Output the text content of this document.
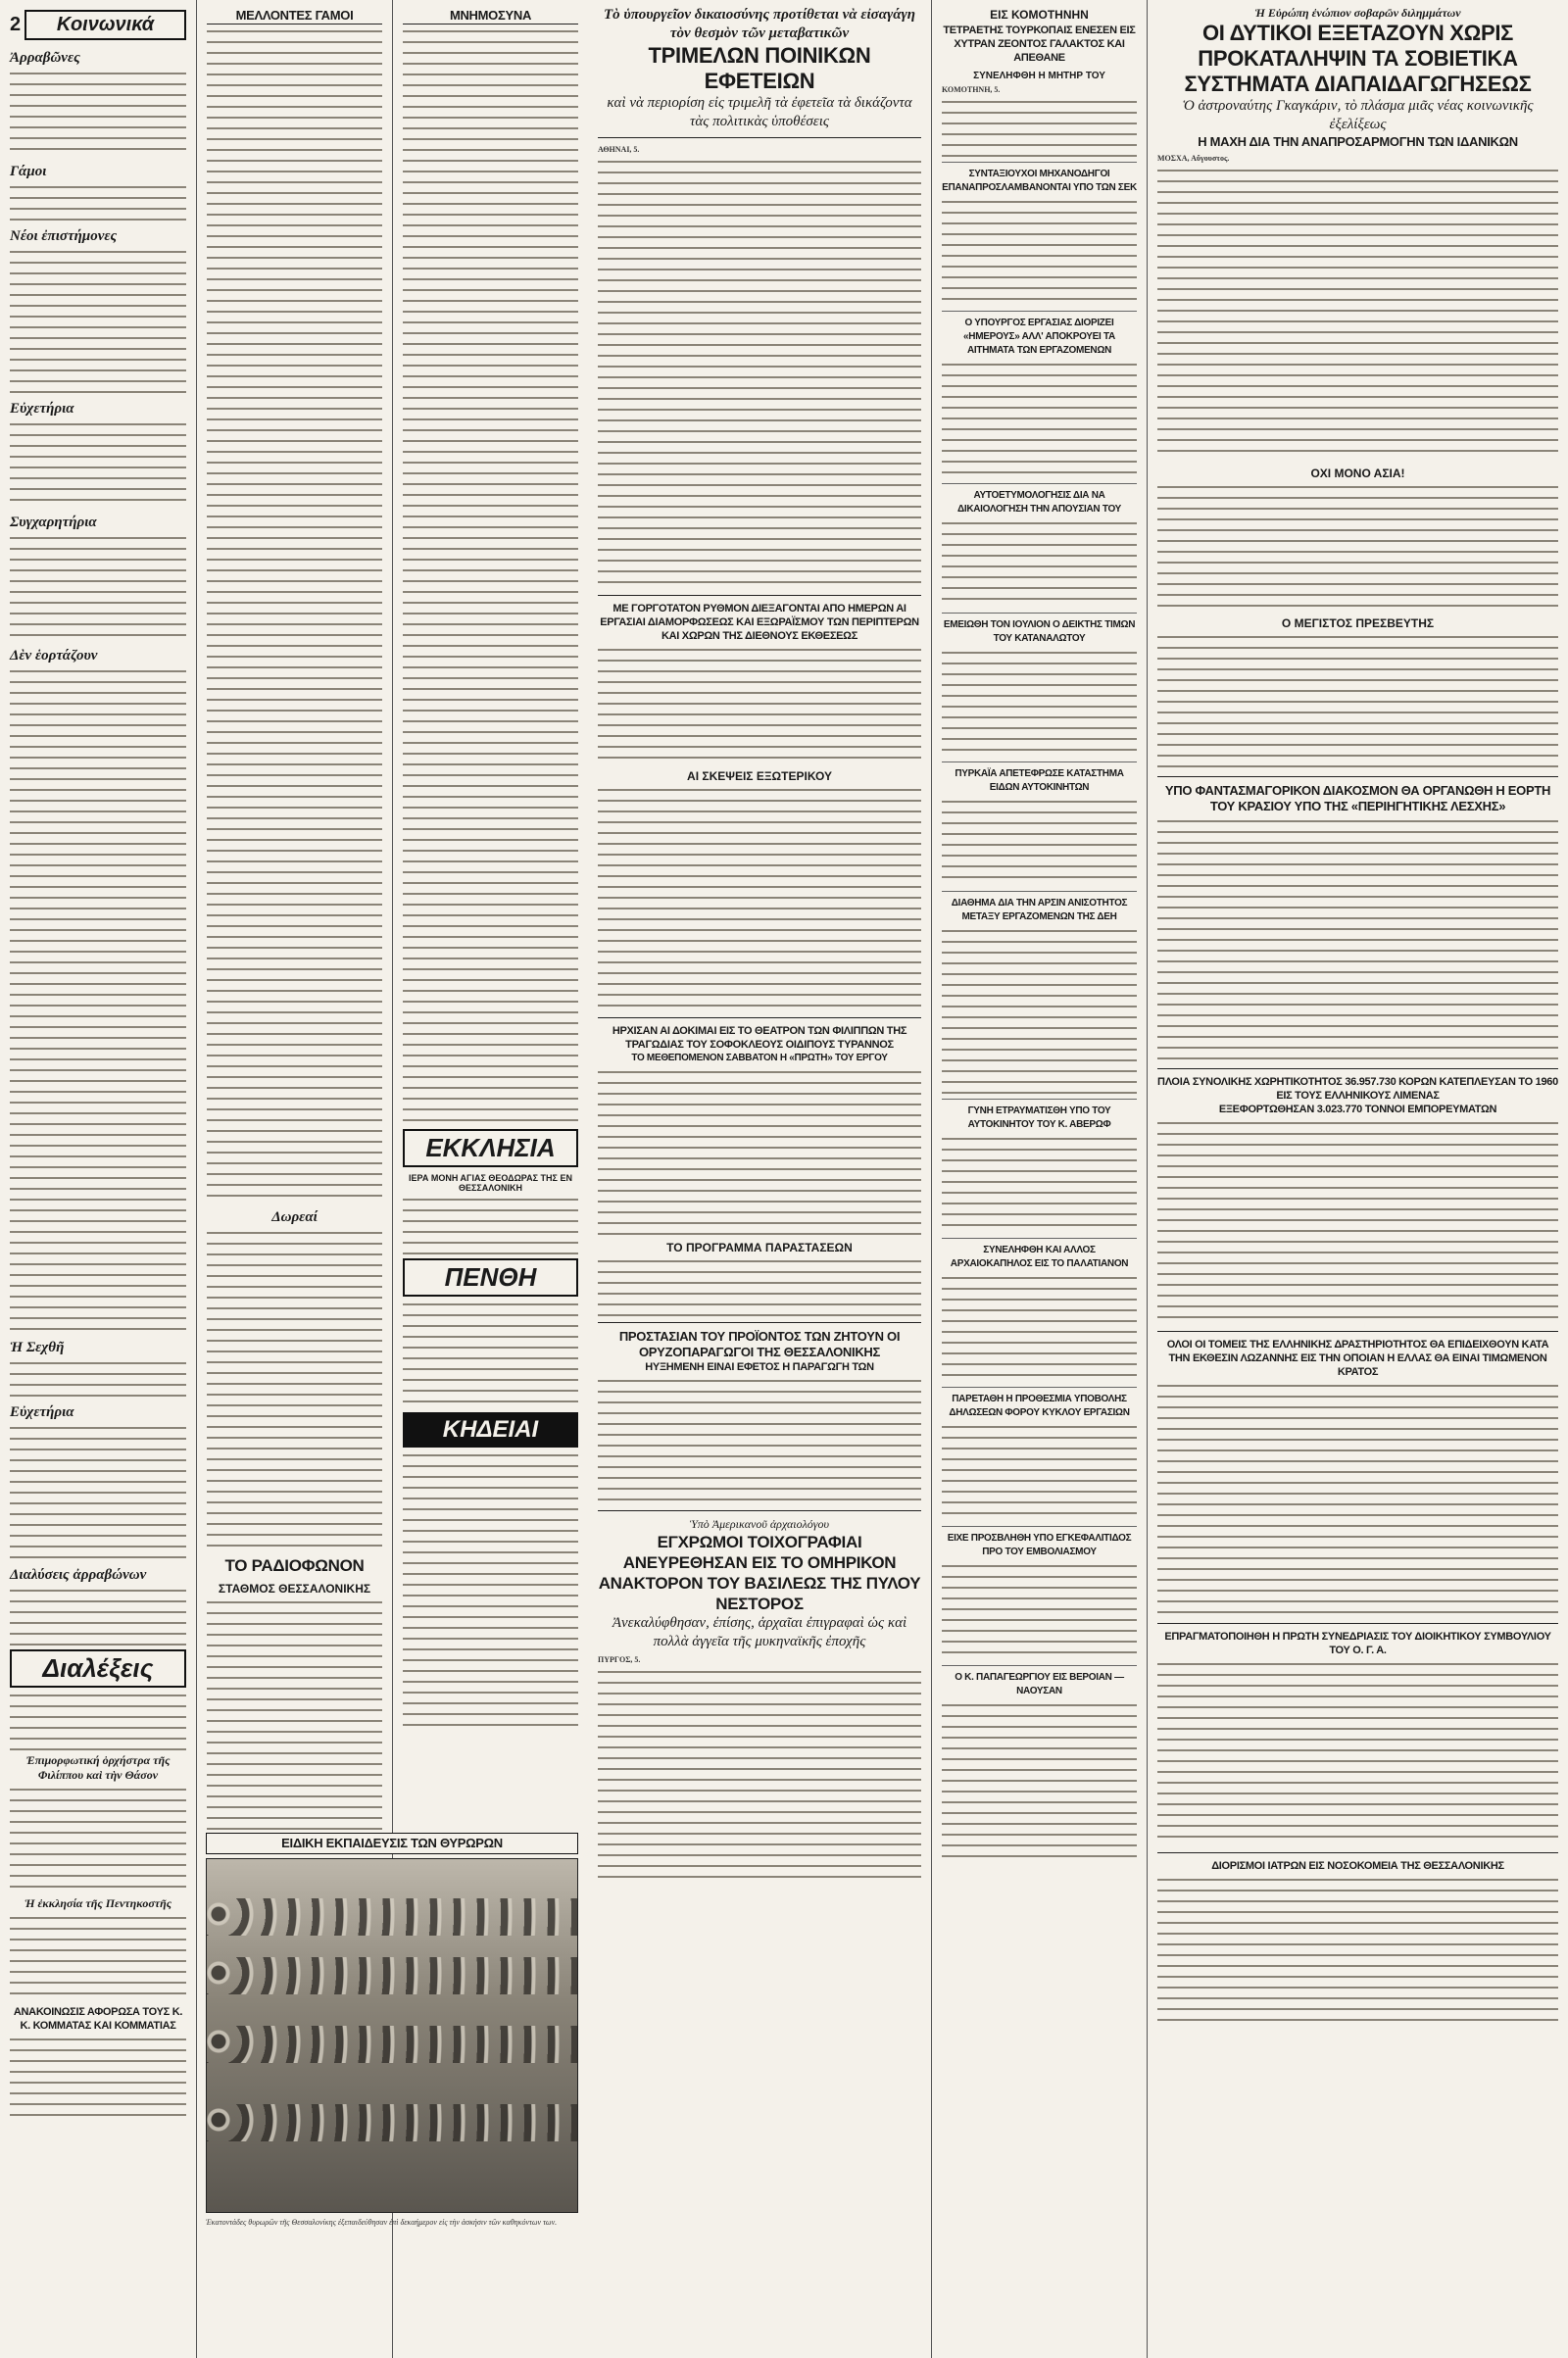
2	Κοινωνικά
Ἀρραβῶνες
Γάμοι
Νέοι ἐπιστήμονες
Εὐχετήρια
Συγχαρητήρια
Δὲν ἑορτάζουν
Ἡ Σεχθῆ
Εὐχετήρια
Διαλύσεις ἀρραβώνων
Διαλέξεις
Ἐπιμορφωτική ὁρχήστρα τῆς Φιλίππου καὶ τὴν Θάσον
Ἡ ἐκκλησία τῆς Πεντηκοστῆς
ΑΝΑΚΟΙΝΩΣΙΣ ΑΦΟΡΩΣΑ ΤΟΥΣ Κ. Κ. ΚΟΜΜΑΤΑΣ ΚΑΙ ΚΟΜΜΑΤΙΑΣ
ΜΕΛΛΟΝΤΕΣ ΓΑΜΟΙ
Δωρεαί
ΤΟ ΡΑΔΙΟΦΩΝΟΝ
ΣΤΑΘΜΟΣ ΘΕΣΣΑΛΟΝΙΚΗΣ
ΜΝΗΜΟΣΥΝΑ
ΕΚΚΛΗΣΙΑ
ΙΕΡΑ ΜΟΝΗ ΑΓΙΑΣ ΘΕΟΔΩΡΑΣ ΤΗΣ ΕΝ ΘΕΣΣΑΛΟΝΙΚΗ
ΠΕΝΘΗ
ΚΗΔΕΙΑΙ
ΕΙΔΙΚΗ ΕΚΠΑΙΔΕΥΣΙΣ ΤΩΝ ΘΥΡΩΡΩΝ
Ἑκατοντάδες θυρωρῶν τῆς Θεσσαλονίκης ἐξεπαιδεύθησαν ἐπὶ δεκαήμερον εἰς τὴν ἀσκήσιν τῶν καθηκόντων των.
Τὸ ὑπουργεῖον δικαιοσύνης προτίθεται νὰ εἰσαγάγη τὸν θεσμὸν τῶν μεταβατικῶν
ΤΡΙΜΕΛΩΝ ΠΟΙΝΙΚΩΝ ΕΦΕΤΕΙΩΝ
καὶ νὰ περιορίση εἰς τριμελῆ τὰ ἐφετεῖα τὰ δικάζοντα τὰς πολιτικὰς ὑποθέσεις
ΑΘΗΝΑΙ, 5.
ΜΕ ΓΟΡΓΟΤΑΤΟΝ ΡΥΘΜΟΝ ΔΙΕΞΑΓΟΝΤΑΙ ΑΠΟ ΗΜΕΡΩΝ ΑΙ ΕΡΓΑΣΙΑΙ ΔΙΑΜΟΡΦΩΣΕΩΣ ΚΑΙ ΕΞΩΡΑΪΣΜΟΥ ΤΩΝ ΠΕΡΙΠΤΕΡΩΝ ΚΑΙ ΧΩΡΩΝ ΤΗΣ ΔΙΕΘΝΟΥΣ ΕΚΘΕΣΕΩΣ
ΑΙ ΣΚΕΨΕΙΣ ΕΞΩΤΕΡΙΚΟΥ
ΗΡΧΙΣΑΝ ΑΙ ΔΟΚΙΜΑΙ ΕΙΣ ΤΟ ΘΕΑΤΡΟΝ ΤΩΝ ΦΙΛΙΠΠΩΝ ΤΗΣ ΤΡΑΓΩΔΙΑΣ ΤΟΥ ΣΟΦΟΚΛΕΟΥΣ ΟΙΔΙΠΟΥΣ ΤΥΡΑΝΝΟΣ
ΤΟ ΜΕΘΕΠΟΜΕΝΟΝ ΣΑΒΒΑΤΟΝ Η «ΠΡΩΤΗ» ΤΟΥ ΕΡΓΟΥ
ΤΟ ΠΡΟΓΡΑΜΜΑ ΠΑΡΑΣΤΑΣΕΩΝ
ΠΡΟΣΤΑΣΙΑΝ ΤΟΥ ΠΡΟΪΟΝΤΟΣ ΤΩΝ ΖΗΤΟΥΝ ΟΙ ΟΡΥΖΟΠΑΡΑΓΩΓΟΙ ΤΗΣ ΘΕΣΣΑΛΟΝΙΚΗΣ
ΗΥΞΗΜΕΝΗ ΕΙΝΑΙ ΕΦΕΤΟΣ Η ΠΑΡΑΓΩΓΗ ΤΩΝ
Ὑπὸ Ἀμερικανοῦ ἀρχαιολόγου
ΕΓΧΡΩΜΟΙ ΤΟΙΧΟΓΡΑΦΙΑΙ ΑΝΕΥΡΕΘΗΣΑΝ ΕΙΣ ΤΟ ΟΜΗΡΙΚΟΝ ΑΝΑΚΤΟΡΟΝ ΤΟΥ ΒΑΣΙΛΕΩΣ ΤΗΣ ΠΥΛΟΥ ΝΕΣΤΟΡΟΣ
Ἀνεκαλύφθησαν, ἐπίσης, ἀρχαῖαι ἐπιγραφαὶ ὡς καὶ πολλὰ ἀγγεῖα τῆς μυκηναϊκῆς ἐποχῆς
ΠΥΡΓΟΣ, 5.
ΕΙΣ ΚΟΜΟΤΗΝΗΝ
ΤΕΤΡΑΕΤΗΣ ΤΟΥΡΚΟΠΑΙΣ ΕΝΕΣΕΝ ΕΙΣ ΧΥΤΡΑΝ ΖΕΟΝΤΟΣ ΓΑΛΑΚΤΟΣ ΚΑΙ ΑΠΕΘΑΝΕ
ΣΥΝΕΛΗΦΘΗ Η ΜΗΤΗΡ ΤΟΥ
ΚΟΜΟΤΗΝΗ, 5.
ΣΥΝΤΑΞΙΟΥΧΟΙ ΜΗΧΑΝΟΔΗΓΟΙ ΕΠΑΝΑΠΡΟΣΛΑΜΒΑΝΟΝΤΑΙ ΥΠΟ ΤΩΝ ΣΕΚ
Ο ΥΠΟΥΡΓΟΣ ΕΡΓΑΣΙΑΣ ΔΙΟΡΙΖΕΙ «ΗΜΕΡΟΥΣ» ΑΛΛ' ΑΠΟΚΡΟΥΕΙ ΤΑ ΑΙΤΗΜΑΤΑ ΤΩΝ ΕΡΓΑΖΟΜΕΝΩΝ
ΑΥΤΟΕΤΥΜΟΛΟΓΗΣΙΣ ΔΙΑ ΝΑ ΔΙΚΑΙΟΛΟΓΗΣΗ ΤΗΝ ΑΠΟΥΣΙΑΝ ΤΟΥ
ΕΜΕΙΩΘΗ ΤΟΝ ΙΟΥΛΙΟΝ Ο ΔΕΙΚΤΗΣ ΤΙΜΩΝ ΤΟΥ ΚΑΤΑΝΑΛΩΤΟΥ
ΠΥΡΚΑΪΑ ΑΠΕΤΕΦΡΩΣΕ ΚΑΤΑΣΤΗΜΑ ΕΙΔΩΝ ΑΥΤΟΚΙΝΗΤΩΝ
ΔΙΑΘΗΜΑ ΔΙΑ ΤΗΝ ΑΡΣΙΝ ΑΝΙΣΟΤΗΤΟΣ ΜΕΤΑΞΥ ΕΡΓΑΖΟΜΕΝΩΝ ΤΗΣ ΔΕΗ
ΓΥΝΗ ΕΤΡΑΥΜΑΤΙΣΘΗ ΥΠΟ ΤΟΥ ΑΥΤΟΚΙΝΗΤΟΥ ΤΟΥ Κ. ΑΒΕΡΩΦ
ΣΥΝΕΛΗΦΘΗ ΚΑΙ ΑΛΛΟΣ ΑΡΧΑΙΟΚΑΠΗΛΟΣ ΕΙΣ ΤΟ ΠΑΛΑΤΙΑΝΟΝ
ΠΑΡΕΤΑΘΗ Η ΠΡΟΘΕΣΜΙΑ ΥΠΟΒΟΛΗΣ ΔΗΛΩΣΕΩΝ ΦΟΡΟΥ ΚΥΚΛΟΥ ΕΡΓΑΣΙΩΝ
ΕΙΧΕ ΠΡΟΣΒΛΗΘΗ ΥΠΟ ΕΓΚΕΦΑΛΙΤΙΔΟΣ ΠΡΟ ΤΟΥ ΕΜΒΟΛΙΑΣΜΟΥ
Ο Κ. ΠΑΠΑΓΕΩΡΓΙΟΥ ΕΙΣ ΒΕΡΟΙΑΝ — ΝΑΟΥΣΑΝ
Ἡ Εὐρώπη ἐνώπιον σοβαρῶν διλημμάτων
ΟΙ ΔΥΤΙΚΟΙ ΕΞΕΤΑΖΟΥΝ ΧΩΡΙΣ ΠΡΟΚΑΤΑΛΗΨΙΝ ΤΑ ΣΟΒΙΕΤΙΚΑ ΣΥΣΤΗΜΑΤΑ ΔΙΑΠΑΙΔΑΓΩΓΗΣΕΩΣ
Ὁ ἀστροναύτης Γκαγκάριν, τὸ πλάσμα μιᾶς νέας κοινωνικῆς ἐξελίξεως
Η ΜΑΧΗ ΔΙΑ ΤΗΝ ΑΝΑΠΡΟΣΑΡΜΟΓΗΝ ΤΩΝ ΙΔΑΝΙΚΩΝ
ΜΟΣΧΑ, Αὔγουστος.
ΟΧΙ ΜΟΝΟ ΑΣΙΑ!
Ο ΜΕΓΙΣΤΟΣ ΠΡΕΣΒΕΥΤΗΣ
ΥΠΟ ΦΑΝΤΑΣΜΑΓΟΡΙΚΟΝ ΔΙΑΚΟΣΜΟΝ ΘΑ ΟΡΓΑΝΩΘΗ Η ΕΟΡΤΗ ΤΟΥ ΚΡΑΣΙΟΥ ΥΠΟ ΤΗΣ «ΠΕΡΙΗΓΗΤΙΚΗΣ ΛΕΣΧΗΣ»
ΠΛΟΙΑ ΣΥΝΟΛΙΚΗΣ ΧΩΡΗΤΙΚΟΤΗΤΟΣ 36.957.730 ΚΟΡΩΝ ΚΑΤΕΠΛΕΥΣΑΝ ΤΟ 1960 ΕΙΣ ΤΟΥΣ ΕΛΛΗΝΙΚΟΥΣ ΛΙΜΕΝΑΣ
ΕΞΕΦΟΡΤΩΘΗΣΑΝ 3.023.770 ΤΟΝΝΟΙ ΕΜΠΟΡΕΥΜΑΤΩΝ
ΟΛΟΙ ΟΙ ΤΟΜΕΙΣ ΤΗΣ ΕΛΛΗΝΙΚΗΣ ΔΡΑΣΤΗΡΙΟΤΗΤΟΣ ΘΑ ΕΠΙΔΕΙΧΘΟΥΝ ΚΑΤΑ ΤΗΝ ΕΚΘΕΣΙΝ ΛΩΖΑΝΝΗΣ ΕΙΣ ΤΗΝ ΟΠΟΙΑΝ Η ΕΛΛΑΣ ΘΑ ΕΙΝΑΙ ΤΙΜΩΜΕΝΟΝ ΚΡΑΤΟΣ
ΕΠΡΑΓΜΑΤΟΠΟΙΗΘΗ Η ΠΡΩΤΗ ΣΥΝΕΔΡΙΑΣΙΣ ΤΟΥ ΔΙΟΙΚΗΤΙΚΟΥ ΣΥΜΒΟΥΛΙΟΥ ΤΟΥ Ο. Γ. Α.
ΔΙΟΡΙΣΜΟΙ ΙΑΤΡΩΝ ΕΙΣ ΝΟΣΟΚΟΜΕΙΑ ΤΗΣ ΘΕΣΣΑΛΟΝΙΚΗΣ
